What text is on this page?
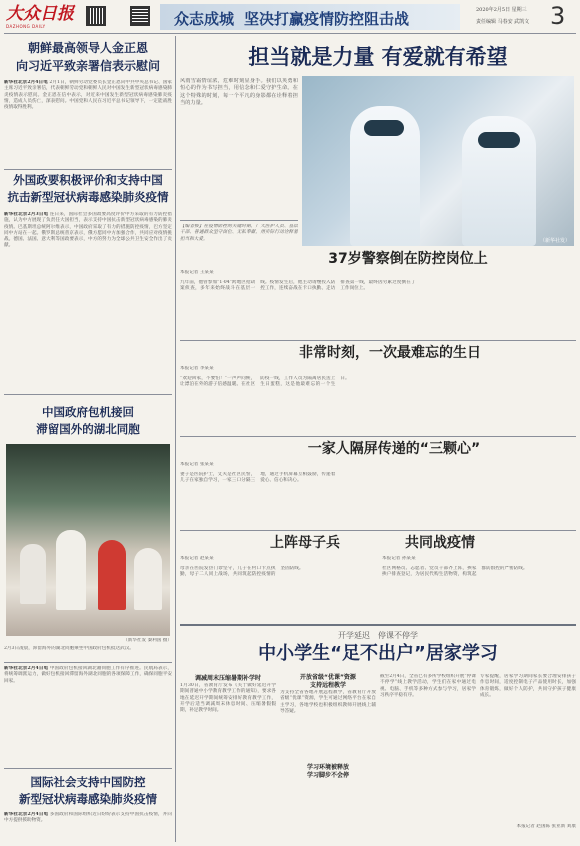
大众日报
DAZHONG DAILY	众志成城 坚决打赢疫情防控阻击战	2020年2月5日 星期三
责任编辑 马春安 武凯文 3
朝鲜最高领导人金正恩
向习近平致亲署信表示慰问
新华社北京2月4日电 2月1日，朝鲜劳动党委员长金正恩向中共中央总书记、国家主席习近平致亲署信，代表朝鲜劳动党和朝鲜人民对中国发生新型冠状病毒感染肺炎疫情表示慰问。金正恩在信中表示，对近来中国发生新型冠状病毒感染肺炎疫情，造成人员伤亡，深表慰问。中国党和人民在习近平总书记领导下，一定能战胜疫情取得胜利。
外国政要积极评价和支持中国
抗击新型冠状病毒感染肺炎疫情
新华社北京2月3日电 连日来，国际社会多国政要高度评价中方采取的有力防控措施，认为中方展现了负责任大国担当，表示支持中国抗击新型冠状病毒感染的肺炎疫情。巴基斯坦总统阿尔维表示，中国政府采取了有力的措施防控疫情，巴方坚定同中方站在一起。俄罗斯总统普京表示，俄方愿同中方加强合作，共同应对疫情挑战。德国、法国、意大利等国政要表示，中方的努力为全球公共卫生安全作出了贡献。
中国政府包机接回
滞留国外的湖北同胞
（新华社发 秦利国 摄）
2月3日凌晨，滞留海外的湖北同胞乘坐中国政府包机抵达武汉。
新华社北京2月4日电 中国政府包机接回湖北籍同胞工作有序推进。民航局表示，将统筹调派运力，做好包机接回滞留海外湖北同胞的各项保障工作，确保同胞平安回家。
国际社会支持中国防控
新型冠状病毒感染肺炎疫情
新华社北京2月4日电 多国政府和国际组织近日纷纷表示支持中国抗击疫情，并向中方提供援助物资。
担当就是力量 有爱就有希望
风雨雪霜情谊浓，危难时刻显身手。我们以英勇和恒心的作为书写担当，用信念和仁爱守护生命。在这个特殊的时刻，每一个平凡的身影都在诠释着担当的力量。
【编者按】在疫情防控的关键时期，广大医护人员、基层干部、普通群众坚守岗位、无私奉献，用实际行动诠释着担当和大爱。	（新华社发）
37岁警察倒在防控岗位上
本报记者 王某某
九年前，他曾参加“1·04”跨地区抢劫案侦查，多年来始终战斗在基层一线。疫情发生后，他主动请缨投入防控工作，连续奋战在卡口执勤、走访排查第一线，最终因劳累过度倒在了工作岗位上。
非常时刻，一次最难忘的生日
本报记者 李某某
“欢迎回家，不要怕！”一声声问候，让漂泊在外的游子倍感温暖。在社区防疫一线，工作人员为隔离居民送上生日蛋糕，这是他最难忘的一个生日。
一家人隔屏传递的“三颗心”
本报记者 张某某
妻子是医院护士，丈夫是社区民警，儿子在家独自学习，一家三口分隔三地，通过手机屏幕互相鼓励，传递着爱心、信心和决心。
上阵母子兵	共同战疫情
本报记者 赵某某
母亲在医院发热门诊坚守，儿子在村口卡点执勤，母子二人同上战场，共同筑起防控疫情的坚固防线。
本报记者 孙某某
社区网格员、志愿者、党员干部齐上阵，挨家挨户排查登记，为居民代购生活物资，构筑起群防群控的严密防线。
开学延迟　停课不停学
中小学生“足不出户”居家学习
调减周末压缩暑期补学时
1月30日，省教育厅发布《关于做好延迟开学期间普通中小学教育教学工作的通知》，要求各地在延迟开学期间统筹安排好教育教学工作，开学后适当调减周末休息时间、压缩暑假假期，补足教学时间。
开放省级“优课”资源
支持远程教学
为支持全省各地开展远程教学，省教育厅开放省级“优课”资源，学生可通过网络平台在家自主学习，各地学校也积极组织教师开展线上辅导答疑。
学习环境被释放
学习脚步不会停
截至2月4日，全省已有多所学校组织开展“停课不停学”线上教学活动，学生们在家中通过电视、电脑、手机等多种方式参与学习，居家学习秩序平稳有序。
专家提醒，居家学习期间家长要合理安排孩子作息时间，适度控制电子产品使用时长，加强体育锻炼，做好个人防护，共同守护孩子健康成长。
本报记者 赵国陈 张亚新 刘康
